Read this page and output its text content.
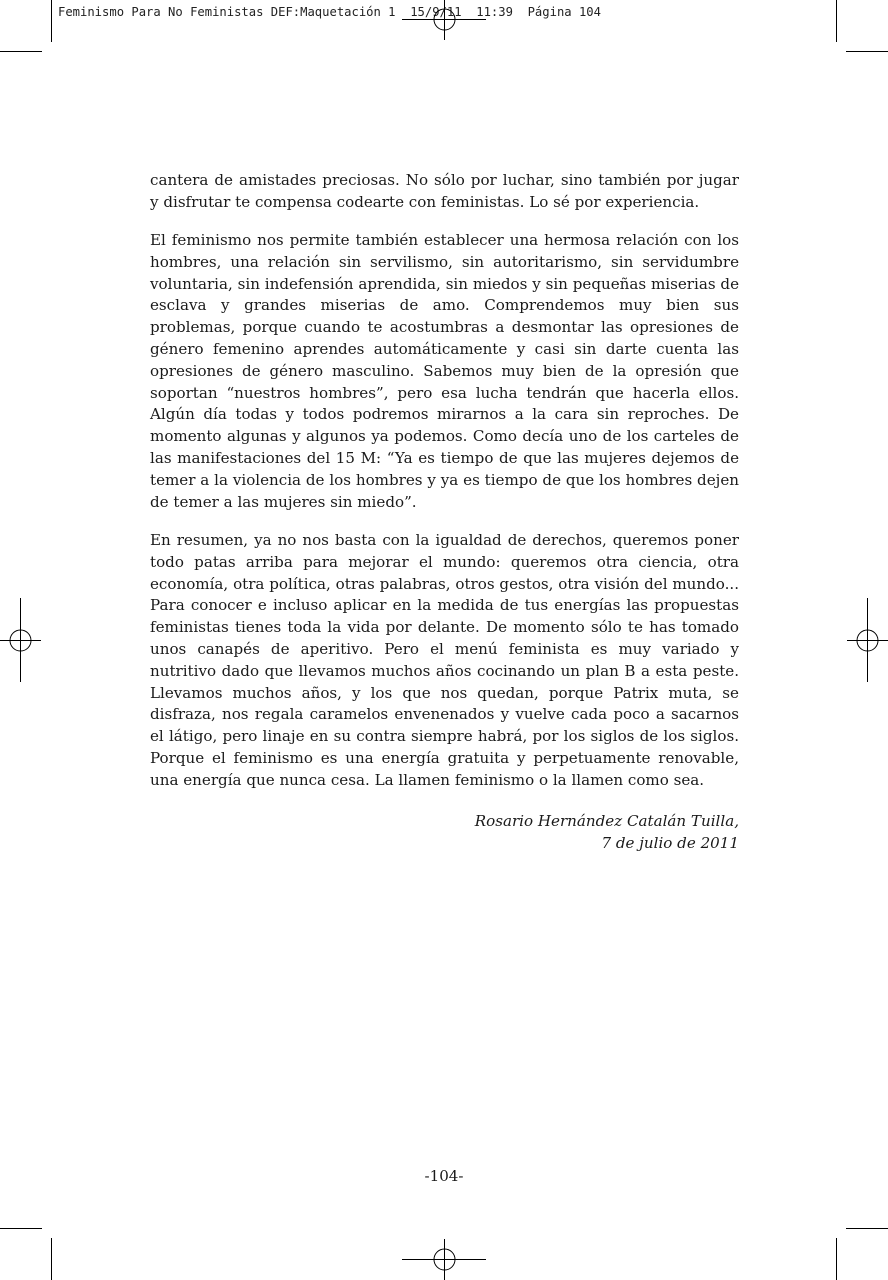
Feminismo Para No Feministas DEF:Maquetación 1  15/9/11  11:39  Página 104

cantera de amistades preciosas. No sólo por luchar, sino también por jugar y disfrutar te compensa codearte con feministas. Lo sé por experiencia.

El feminismo nos permite también establecer una hermosa relación con los hombres, una relación sin servilismo, sin autoritarismo, sin servidumbre voluntaria, sin indefensión aprendida, sin miedos y sin pequeñas miserias de esclava y grandes miserias de amo. Comprendemos muy bien sus problemas, porque cuando te acostumbras a desmontar las opresiones de género femenino aprendes automáticamente y casi sin darte cuenta las opresiones de género masculino. Sabemos muy bien de la opresión que soportan “nuestros hombres”, pero esa lucha tendrán que hacerla ellos. Algún día todas y todos podremos mirarnos a la cara sin reproches. De momento algunas y algunos ya podemos. Como decía uno de los carteles de las manifestaciones del 15 M: “Ya es tiempo de que las mujeres dejemos de temer a la violencia de los hombres y ya es tiempo de que los hombres dejen de temer a las mujeres sin miedo”.

En resumen, ya no nos basta con la igualdad de derechos, queremos poner todo patas arriba para mejorar el mundo: queremos otra ciencia, otra economía, otra política, otras palabras, otros gestos, otra visión del mundo... Para conocer e incluso aplicar en la medida de tus energías las propuestas feministas tienes toda la vida por delante. De momento sólo te has tomado unos canapés de aperitivo. Pero el menú feminista es muy variado y nutritivo dado que llevamos muchos años cocinando un plan B a esta peste. Llevamos muchos años, y los que nos quedan, porque Patrix muta, se disfraza, nos regala caramelos envenenados y vuelve cada poco a sacarnos el látigo, pero linaje en su contra siempre habrá, por los siglos de los siglos. Porque el feminismo es una energía gratuita y perpetuamente renovable, una energía que nunca cesa. La llamen feminismo o la llamen como sea.

Rosario Hernández Catalán Tuilla,
7 de julio de 2011
-104-
